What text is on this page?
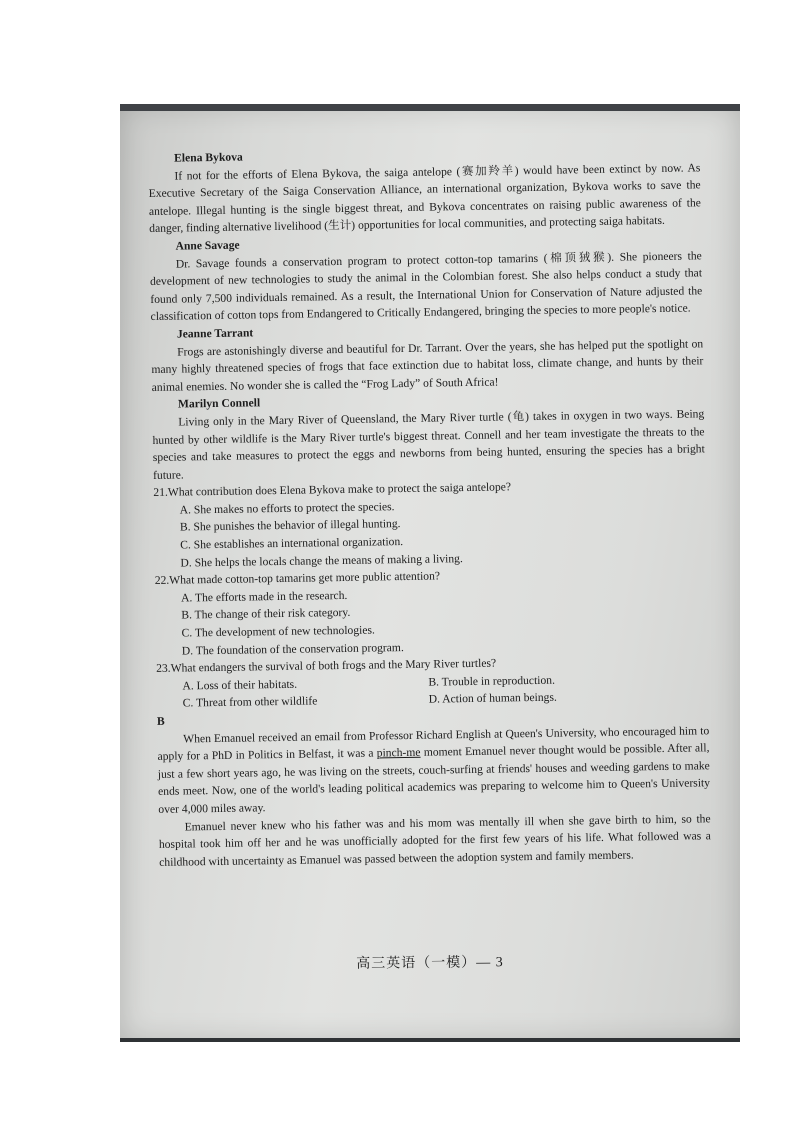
Elena Bykova

If not for the efforts of Elena Bykova, the saiga antelope (赛加羚羊) would have been extinct by now. As Executive Secretary of the Saiga Conservation Alliance, an international organization, Bykova works to save the antelope. Illegal hunting is the single biggest threat, and Bykova concentrates on raising public awareness of the danger, finding alternative livelihood (生计) opportunities for local communities, and protecting saiga habitats.

Anne Savage

Dr. Savage founds a conservation program to protect cotton-top tamarins (棉顶狨猴). She pioneers the development of new technologies to study the animal in the Colombian forest. She also helps conduct a study that found only 7,500 individuals remained. As a result, the International Union for Conservation of Nature adjusted the classification of cotton tops from Endangered to Critically Endangered, bringing the species to more people's notice.

Jeanne Tarrant

Frogs are astonishingly diverse and beautiful for Dr. Tarrant. Over the years, she has helped put the spotlight on many highly threatened species of frogs that face extinction due to habitat loss, climate change, and hunts by their animal enemies. No wonder she is called the “Frog Lady” of South Africa!

Marilyn Connell

Living only in the Mary River of Queensland, the Mary River turtle (龟) takes in oxygen in two ways. Being hunted by other wildlife is the Mary River turtle's biggest threat. Connell and her team investigate the threats to the species and take measures to protect the eggs and newborns from being hunted, ensuring the species has a bright future.

21.What contribution does Elena Bykova make to protect the saiga antelope?

A. She makes no efforts to protect the species.

B. She punishes the behavior of illegal hunting.

C. She establishes an international organization.

D. She helps the locals change the means of making a living.

22.What made cotton-top tamarins get more public attention?

A. The efforts made in the research.

B. The change of their risk category.

C. The development of new technologies.

D. The foundation of the conservation program.

23.What endangers the survival of both frogs and the Mary River turtles?

A. Loss of their habitats.	B. Trouble in reproduction.
C. Threat from other wildlife	D. Action of human beings.

B

When Emanuel received an email from Professor Richard English at Queen's University, who encouraged him to apply for a PhD in Politics in Belfast, it was a pinch-me moment Emanuel never thought would be possible. After all, just a few short years ago, he was living on the streets, couch-surfing at friends' houses and weeding gardens to make ends meet. Now, one of the world's leading political academics was preparing to welcome him to Queen's University over 4,000 miles away.

Emanuel never knew who his father was and his mom was mentally ill when she gave birth to him, so the hospital took him off her and he was unofficially adopted for the first few years of his life. What followed was a childhood with uncertainty as Emanuel was passed between the adoption system and family members.

高三英语（一模）— 3
